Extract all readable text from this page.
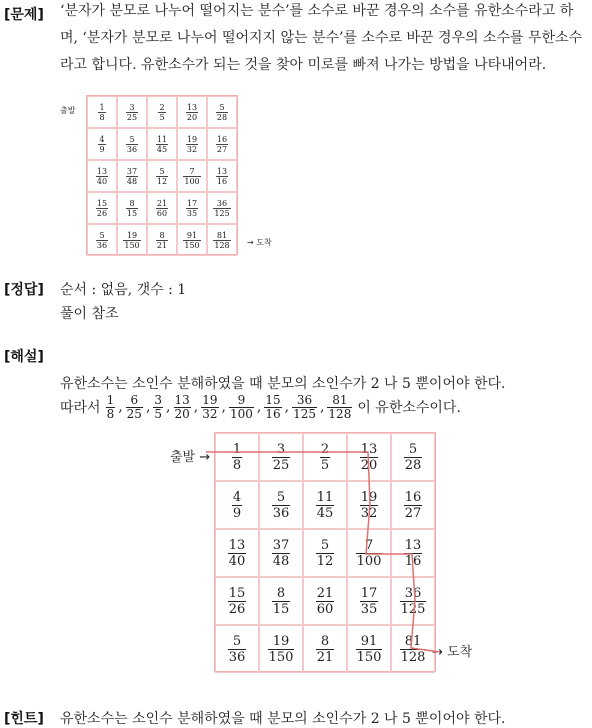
[문제] ‘분자가 분모로 나누어 떨어지는 분수’를 소수로 바꾼 경우의 소수를 유한소수라고 하며, ‘분자가 분모로 나누어 떨어지지 않는 분수’를 소수로 바꾼 경우의 소수를 무한소수라고 합니다. 유한소수가 되는 것을 찾아 미로를 빠져 나가는 방법을 나타내어라.
$\frac{1}{8}$	$\frac{3}{25}$	$\frac{2}{5}$	$\frac{13}{20} \frac{5}{28}$
$\frac{4}{9}$	$\frac{5}{36} \frac{11}{45} \frac{19}{32} \frac{16}{27}$
$\frac{13}{40} \frac{37}{48} \frac{5}{12} \frac{7}{100} \frac{13}{16}$
$\frac{15}{26} \frac{8}{15} \frac{21}{60} \frac{17}{35} \frac{36}{125}$
$\frac{5}{36} \frac{19}{150} \frac{8}{21} \frac{91}{150} \frac{81}{128}$
출발
→ 도착
[정답] 순서 : 없음, 갯수 : 1
풀이 참조
[해설]
유한소수는 소인수 분해하였을 때 분모의 소인수가 2 나 5 뿐이어야 한다.
따라서 $\frac{1}{8}$ , $\frac{6}{25}$ , $\frac{3}{5}$ , $\frac{13}{20}$ , $\frac{19}{32}$ , $\frac{9}{100}$ , $\frac{15}{16}$ , $\frac{36}{125}$ , $\frac{81}{128}$ 이 유한소수이다.
$\frac{1}{8} \frac{3}{25} \frac{2}{5} \frac{13}{20} \frac{5}{28}$
$\frac{4}{9} \frac{5}{36} \frac{11}{45} \frac{19}{32} \frac{16}{27}$
$\frac{13}{40} \frac{37}{48} \frac{5}{12} \frac{7}{100} \frac{13}{16}$
$\frac{15}{26} \frac{8}{15} \frac{21}{60} \frac{17}{35} \frac{36}{125}$
$\frac{5}{36} \frac{19}{150} \frac{8}{21} \frac{91}{150} \frac{81}{128}$
출발 →
→ 도착
[힌트] 유한소수는 소인수 분해하였을 때 분모의 소인수가 2 나 5 뿐이어야 한다.
